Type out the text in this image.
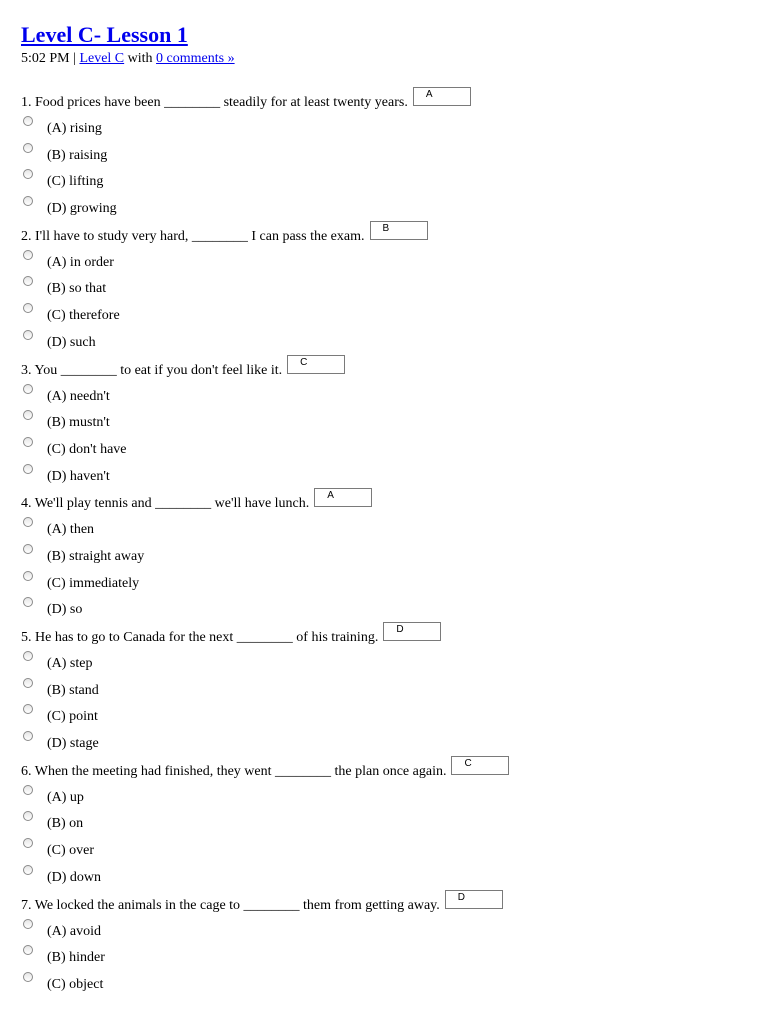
Level C- Lesson 1
5:02 PM | Level C with 0 comments »
1. Food prices have been ________ steadily for at least twenty years.A
(A) rising
(B) raising
(C) lifting
(D) growing
2. I'll have to study very hard, ________ I can pass the exam.B
(A) in order
(B) so that
(C) therefore
(D) such
3. You ________ to eat if you don't feel like it.C
(A) needn't
(B) mustn't
(C) don't have
(D) haven't
4. We'll play tennis and ________ we'll have lunch.A
(A) then
(B) straight away
(C) immediately
(D) so
5. He has to go to Canada for the next ________ of his training.D
(A) step
(B) stand
(C) point
(D) stage
6. When the meeting had finished, they went ________ the plan once again.C
(A) up
(B) on
(C) over
(D) down
7. We locked the animals in the cage to ________ them from getting away.D
(A) avoid
(B) hinder
(C) object
